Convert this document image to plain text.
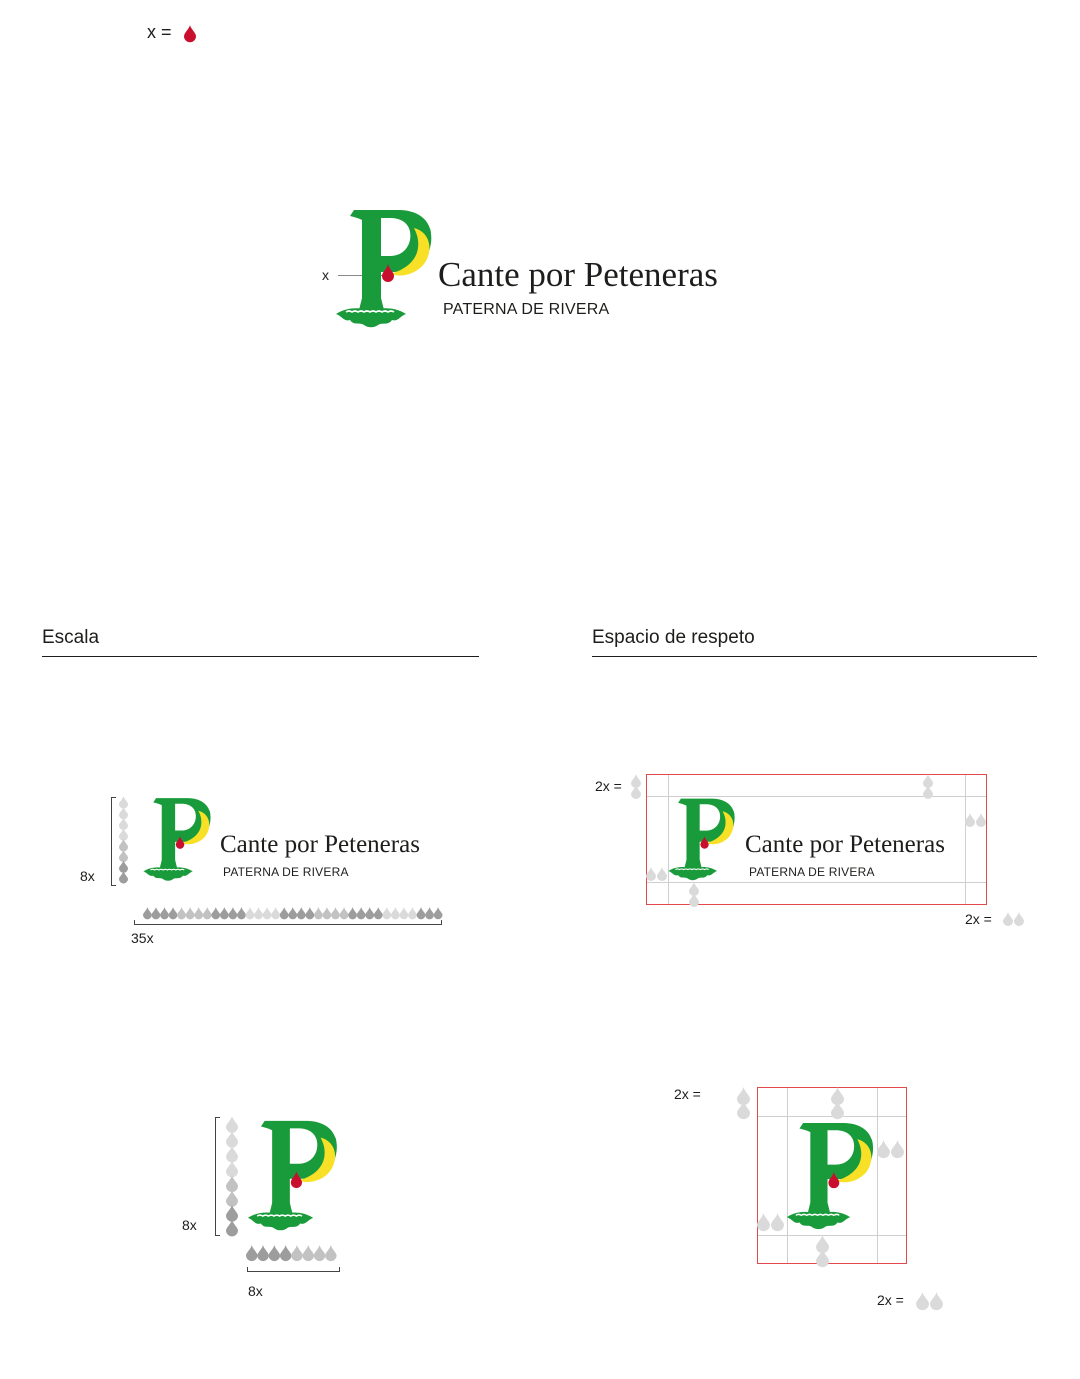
x =
x	Cante por Peteneras
PATERNA DE RIVERA
Escala	Espacio de respeto
8x
Cante por Peteneras
PATERNA DE RIVERA
35x
8x
8x
Cante por Peteneras
PATERNA DE RIVERA
2x =
2x =
2x =
2x =
